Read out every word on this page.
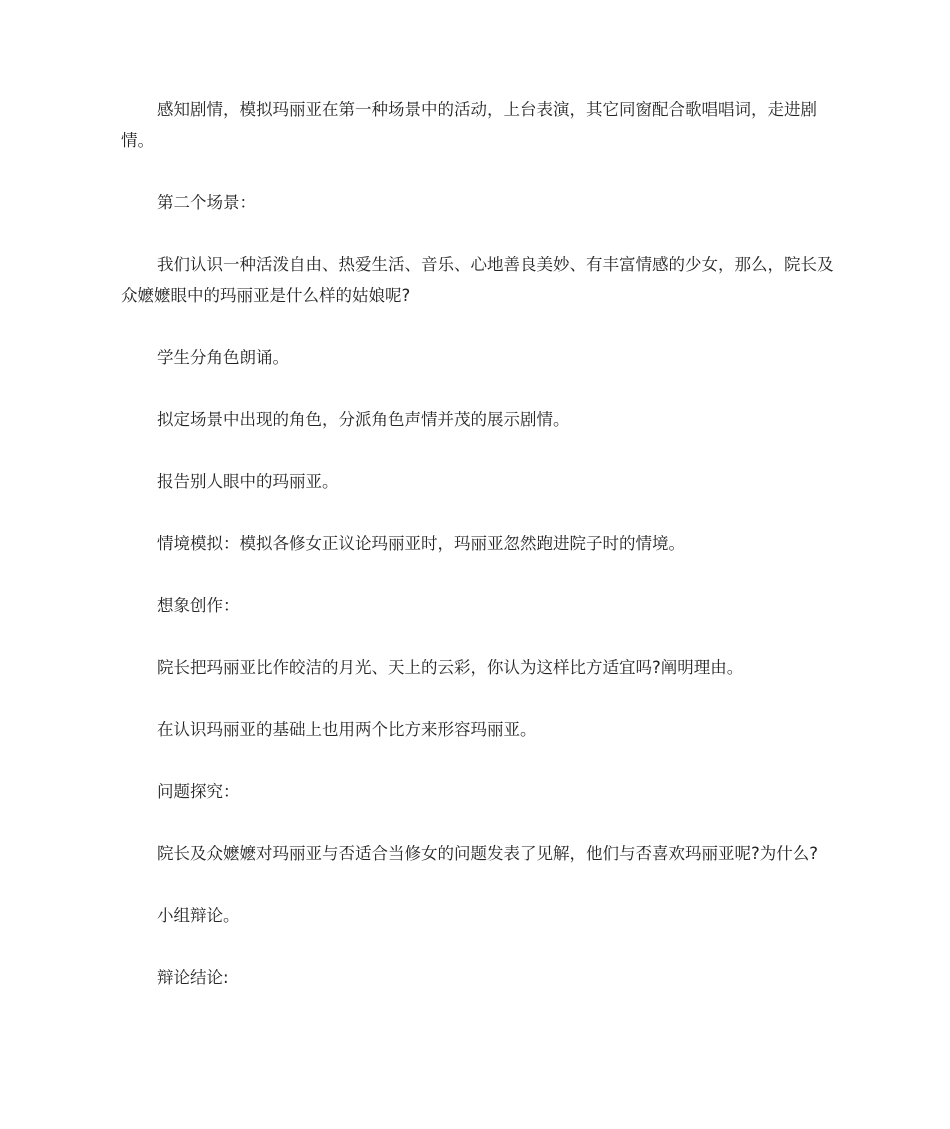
感知剧情，模拟玛丽亚在第一种场景中的活动，上台表演，其它同窗配合歌唱唱词，走进剧情。

第二个场景：

我们认识一种活泼自由、热爱生活、音乐、心地善良美妙、有丰富情感的少女，那么，院长及众嬷嬷眼中的玛丽亚是什么样的姑娘呢?

学生分角色朗诵。

拟定场景中出现的角色，分派角色声情并茂的展示剧情。

报告别人眼中的玛丽亚。

情境模拟：模拟各修女正议论玛丽亚时，玛丽亚忽然跑进院子时的情境。

想象创作：

院长把玛丽亚比作皎洁的月光、天上的云彩，你认为这样比方适宜吗?阐明理由。

在认识玛丽亚的基础上也用两个比方来形容玛丽亚。

问题探究：

院长及众嬷嬷对玛丽亚与否适合当修女的问题发表了见解，他们与否喜欢玛丽亚呢?为什么?

小组辩论。

辩论结论:
